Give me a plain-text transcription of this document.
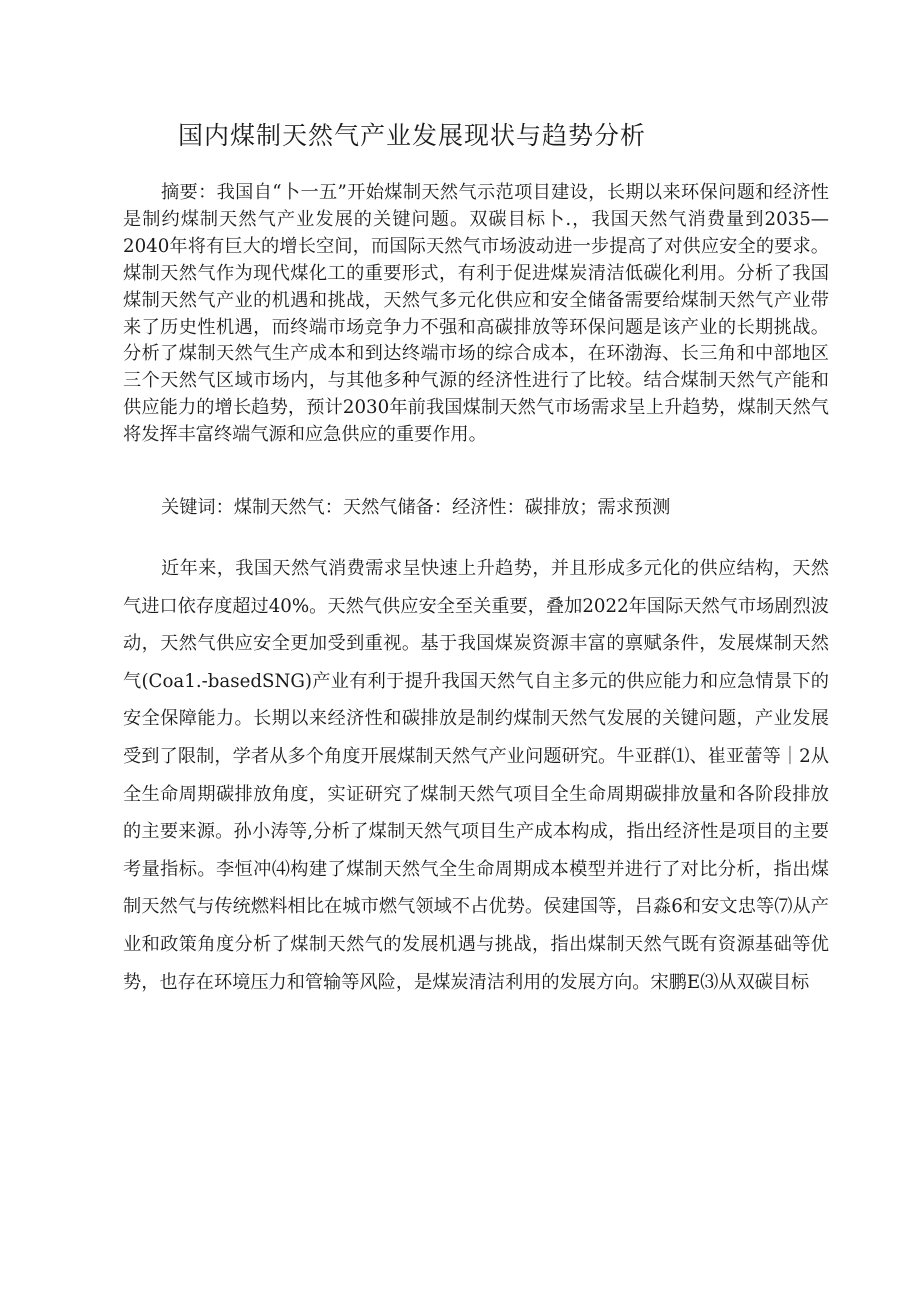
国内煤制天然气产业发展现状与趋势分析

摘要：我国自“卜一五”开始煤制天然气示范项目建设，长期以来环保问题和经济性是制约煤制天然气产业发展的关键问题。双碳目标卜.，我国天然气消费量到2035—2040年将有巨大的增长空间，而国际天然气市场波动进一步提高了对供应安全的要求。煤制天然气作为现代煤化工的重要形式，有利于促进煤炭清洁低碳化利用。分析了我国煤制天然气产业的机遇和挑战，天然气多元化供应和安全储备需要给煤制天然气产业带来了历史性机遇，而终端市场竞争力不强和高碳排放等环保问题是该产业的长期挑战。分析了煤制天然气生产成本和到达终端市场的综合成本，在环渤海、长三角和中部地区三个天然气区域市场内，与其他多种气源的经济性进行了比较。结合煤制天然气产能和供应能力的增长趋势，预计2030年前我国煤制天然气市场需求呈上升趋势，煤制天然气将发挥丰富终端气源和应急供应的重要作用。

关键词：煤制天然气：天然气储备：经济性：碳排放；需求预测

近年来，我国天然气消费需求呈快速上升趋势，并且形成多元化的供应结构，天然气进口依存度超过40%。天然气供应安全至关重要，叠加2022年国际天然气市场剧烈波动，天然气供应安全更加受到重视。基于我国煤炭资源丰富的禀赋条件，发展煤制天然气(Coa1.-basedSNG)产业有利于提升我国天然气自主多元的供应能力和应急情景下的安全保障能力。长期以来经济性和碳排放是制约煤制天然气发展的关键问题，产业发展受到了限制，学者从多个角度开展煤制天然气产业问题研究。牛亚群⑴、崔亚蕾等｜2从全生命周期碳排放角度，实证研究了煤制天然气项目全生命周期碳排放量和各阶段排放的主要来源。孙小涛等,分析了煤制天然气项目生产成本构成，指出经济性是项目的主要考量指标。李恒冲⑷构建了煤制天然气全生命周期成本模型并进行了对比分析，指出煤制天然气与传统燃料相比在城市燃气领域不占优势。侯建国等，吕淼6和安文忠等⑺从产业和政策角度分析了煤制天然气的发展机遇与挑战，指出煤制天然气既有资源基础等优势，也存在环境压力和管输等风险，是煤炭清洁利用的发展方向。宋鹏E⑶从双碳目标
